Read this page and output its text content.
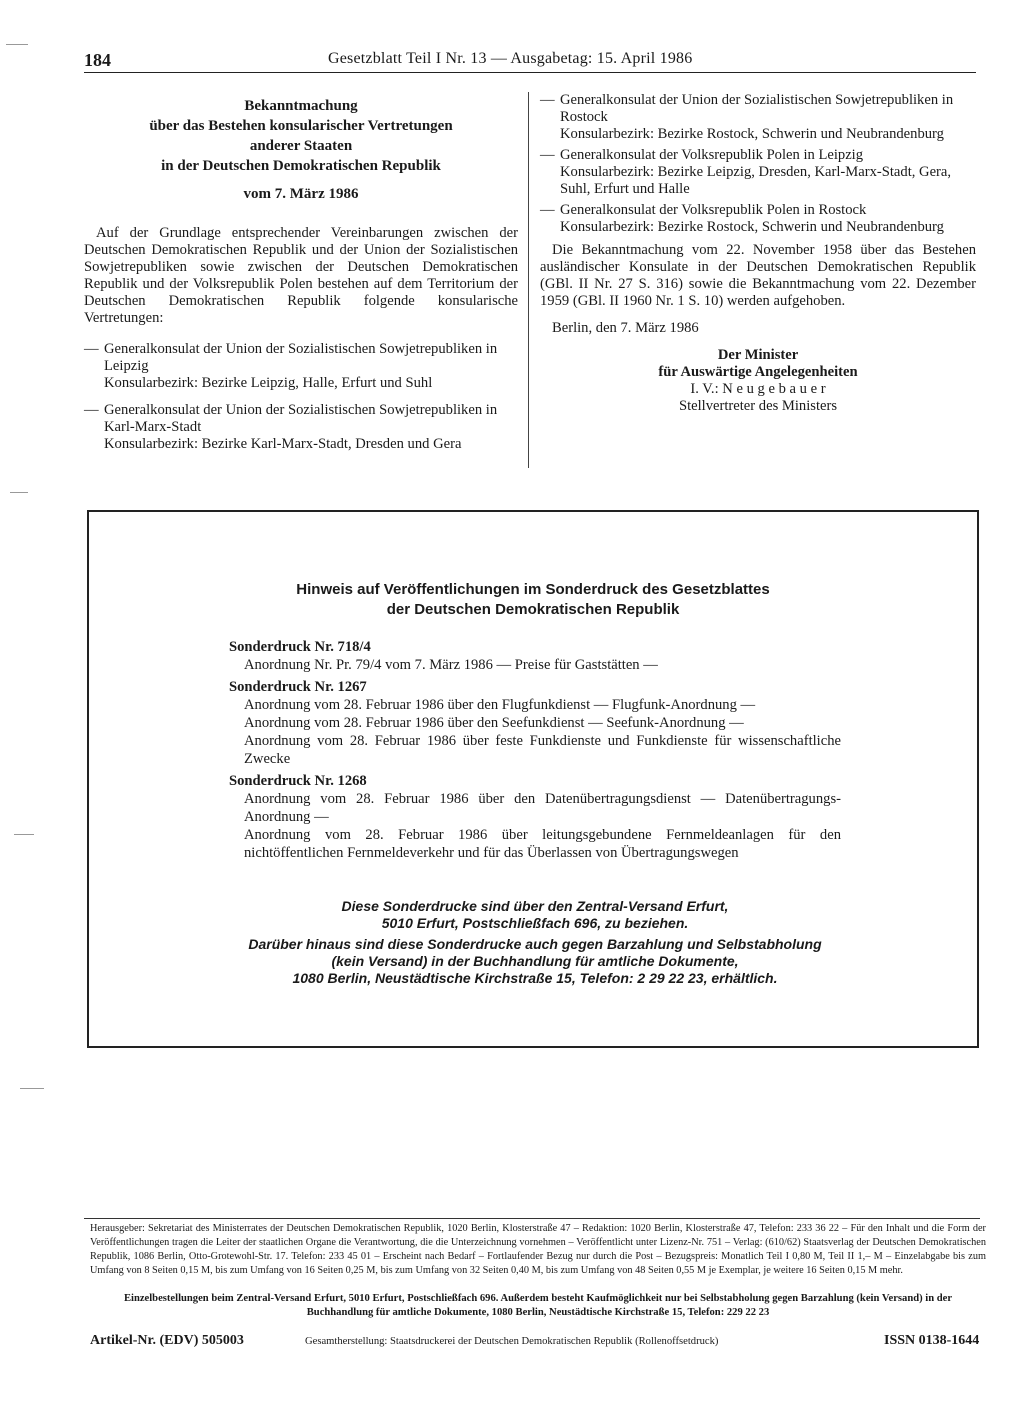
184	Gesetzblatt Teil I Nr. 13 — Ausgabetag: 15. April 1986
Bekanntmachung
über das Bestehen konsularischer Vertretungen
anderer Staaten
in der Deutschen Demokratischen Republik
vom 7. März 1986
Auf der Grundlage entsprechender Vereinbarungen zwischen der Deutschen Demokratischen Republik und der Union der Sozialistischen Sowjetrepubliken sowie zwischen der Deutschen Demokratischen Republik und der Volksrepublik Polen bestehen auf dem Territorium der Deutschen Demokratischen Republik folgende konsularische Vertretungen:
— Generalkonsulat der Union der Sozialistischen Sowjetrepubliken in Leipzig
Konsularbezirk: Bezirke Leipzig, Halle, Erfurt und Suhl
— Generalkonsulat der Union der Sozialistischen Sowjetrepubliken in Karl-Marx-Stadt
Konsularbezirk: Bezirke Karl-Marx-Stadt, Dresden und Gera
— Generalkonsulat der Union der Sozialistischen Sowjetrepubliken in Rostock
Konsularbezirk: Bezirke Rostock, Schwerin und Neubrandenburg
— Generalkonsulat der Volksrepublik Polen in Leipzig
Konsularbezirk: Bezirke Leipzig, Dresden, Karl-Marx-Stadt, Gera, Suhl, Erfurt und Halle
— Generalkonsulat der Volksrepublik Polen in Rostock
Konsularbezirk: Bezirke Rostock, Schwerin und Neubrandenburg
Die Bekanntmachung vom 22. November 1958 über das Bestehen ausländischer Konsulate in der Deutschen Demokratischen Republik (GBl. II Nr. 27 S. 316) sowie die Bekanntmachung vom 22. Dezember 1959 (GBl. II 1960 Nr. 1 S. 10) werden aufgehoben.
Berlin, den 7. März 1986
Der Minister
für Auswärtige Angelegenheiten
I. V.: N e u g e b a u e r
Stellvertreter des Ministers
Hinweis auf Veröffentlichungen im Sonderdruck des Gesetzblattes
der Deutschen Demokratischen Republik
Sonderdruck Nr. 718/4
Anordnung Nr. Pr. 79/4 vom 7. März 1986 — Preise für Gaststätten —
Sonderdruck Nr. 1267
Anordnung vom 28. Februar 1986 über den Flugfunkdienst — Flugfunk-Anordnung —
Anordnung vom 28. Februar 1986 über den Seefunkdienst — Seefunk-Anordnung —
Anordnung vom 28. Februar 1986 über feste Funkdienste und Funkdienste für wissenschaftliche Zwecke
Sonderdruck Nr. 1268
Anordnung vom 28. Februar 1986 über den Datenübertragungsdienst — Datenübertragungs-Anordnung —
Anordnung vom 28. Februar 1986 über leitungsgebundene Fernmeldeanlagen für den nichtöffentlichen Fernmeldeverkehr und für das Überlassen von Übertragungswegen
Diese Sonderdrucke sind über den Zentral-Versand Erfurt,
5010 Erfurt, Postschließfach 696, zu beziehen.
Darüber hinaus sind diese Sonderdrucke auch gegen Barzahlung und Selbstabholung
(kein Versand) in der Buchhandlung für amtliche Dokumente,
1080 Berlin, Neustädtische Kirchstraße 15, Telefon: 2 29 22 23, erhältlich.
Herausgeber: Sekretariat des Ministerrates der Deutschen Demokratischen Republik, 1020 Berlin, Klosterstraße 47 – Redaktion: 1020 Berlin, Klosterstraße 47, Telefon: 233 36 22 – Für den Inhalt und die Form der Veröffentlichungen tragen die Leiter der staatlichen Organe die Verantwortung, die die Unterzeichnung vornehmen – Veröffentlicht unter Lizenz-Nr. 751 – Verlag: (610/62) Staatsverlag der Deutschen Demokratischen Republik, 1086 Berlin, Otto-Grotewohl-Str. 17. Telefon: 233 45 01 – Erscheint nach Bedarf – Fortlaufender Bezug nur durch die Post – Bezugspreis: Monatlich Teil I 0,80 M, Teil II 1,– M – Einzelabgabe bis zum Umfang von 8 Seiten 0,15 M, bis zum Umfang von 16 Seiten 0,25 M, bis zum Umfang von 32 Seiten 0,40 M, bis zum Umfang von 48 Seiten 0,55 M je Exemplar, je weitere 16 Seiten 0,15 M mehr.
Einzelbestellungen beim Zentral-Versand Erfurt, 5010 Erfurt, Postschließfach 696. Außerdem besteht Kaufmöglichkeit nur bei Selbstabholung gegen Barzahlung (kein Versand) in der Buchhandlung für amtliche Dokumente, 1080 Berlin, Neustädtische Kirchstraße 15, Telefon: 229 22 23
Artikel-Nr. (EDV) 505003	Gesamtherstellung: Staatsdruckerei der Deutschen Demokratischen Republik (Rollenoffsetdruck)	ISSN 0138-1644
